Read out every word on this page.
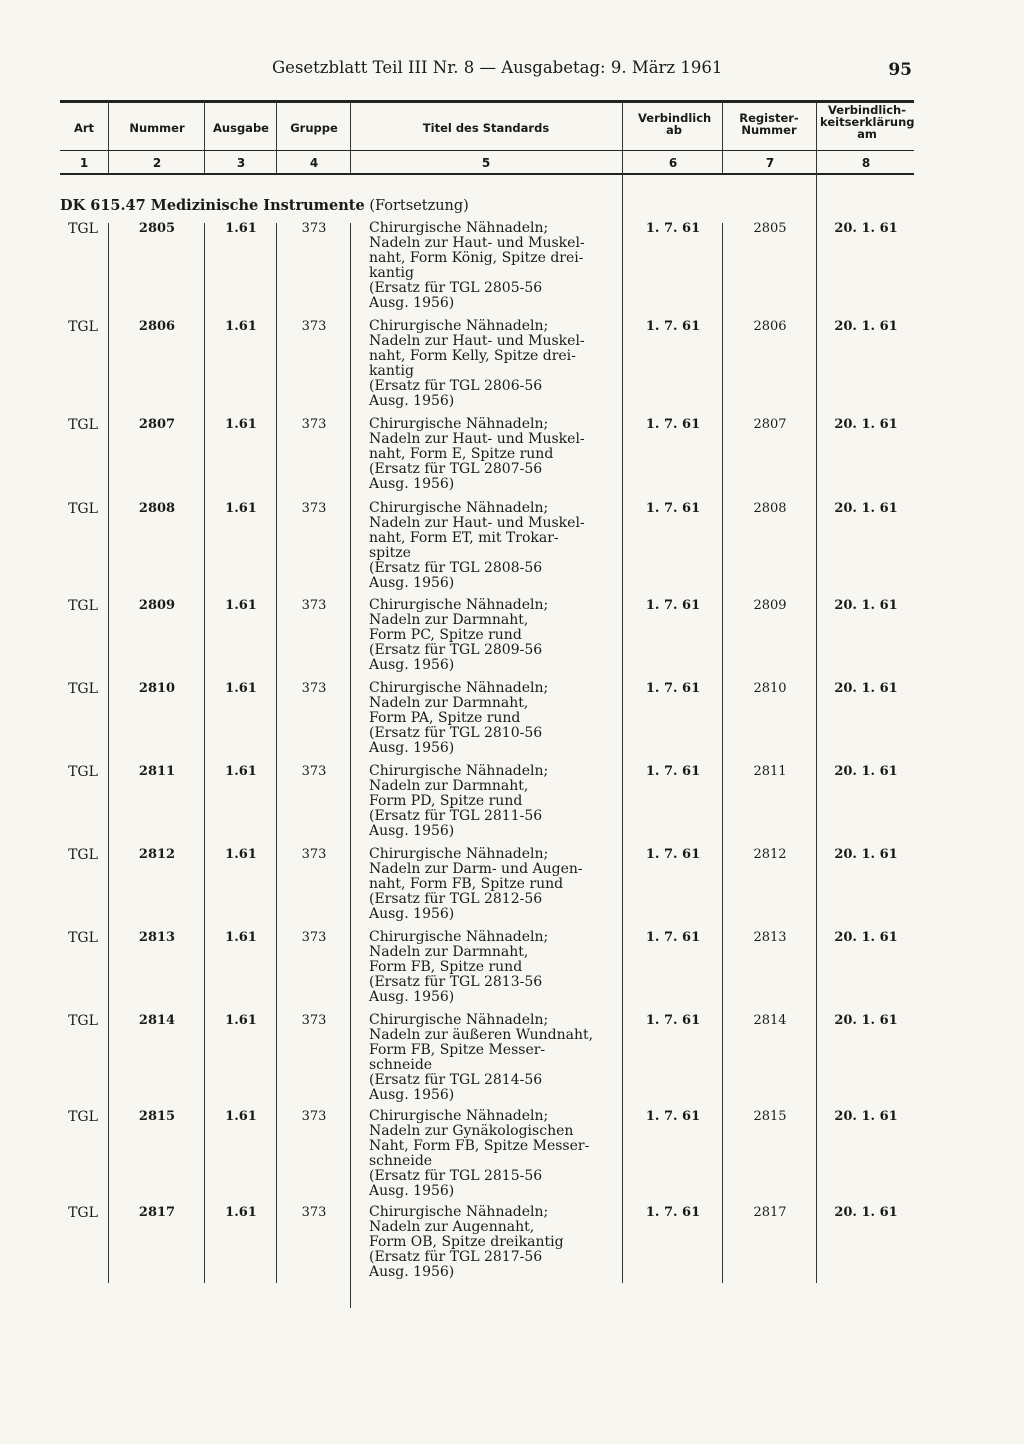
Gesetzblatt Teil III Nr. 8 — Ausgabetag: 9. März 1961	95
Art	Nummer	Ausgabe	Gruppe	Titel des Standards
Verbindlich ab
Register-Nummer
Verbindlich-keitserklärung am
1	2	3	4	5	6	7	8
DK 615.47 Medizinische Instrumente (Fortsetzung)
TGL	2805	1.61	373	Chirurgische Nähnadeln;
Nadeln zur Haut- und Muskel-
naht, Form König, Spitze drei-
kantig
(Ersatz für TGL 2805-56
Ausg. 1956)
1. 7. 61	2805	20. 1. 61
TGL	2806	1.61	373	Chirurgische Nähnadeln;
Nadeln zur Haut- und Muskel-
naht, Form Kelly, Spitze drei-
kantig
(Ersatz für TGL 2806-56
Ausg. 1956)
1. 7. 61	2806	20. 1. 61
TGL	2807	1.61	373	Chirurgische Nähnadeln;
Nadeln zur Haut- und Muskel-
naht, Form E, Spitze rund
(Ersatz für TGL 2807-56
Ausg. 1956)
1. 7. 61	2807	20. 1. 61
TGL	2808	1.61	373	Chirurgische Nähnadeln;
Nadeln zur Haut- und Muskel-
naht, Form ET, mit Trokar-
spitze
(Ersatz für TGL 2808-56
Ausg. 1956)
1. 7. 61	2808	20. 1. 61
TGL	2809	1.61	373	Chirurgische Nähnadeln;
Nadeln zur Darmnaht,
Form PC, Spitze rund
(Ersatz für TGL 2809-56
Ausg. 1956)
1. 7. 61	2809	20. 1. 61
TGL	2810	1.61	373	Chirurgische Nähnadeln;
Nadeln zur Darmnaht,
Form PA, Spitze rund
(Ersatz für TGL 2810-56
Ausg. 1956)
1. 7. 61	2810	20. 1. 61
TGL	2811	1.61	373	Chirurgische Nähnadeln;
Nadeln zur Darmnaht,
Form PD, Spitze rund
(Ersatz für TGL 2811-56
Ausg. 1956)
1. 7. 61	2811	20. 1. 61
TGL	2812	1.61	373	Chirurgische Nähnadeln;
Nadeln zur Darm- und Augen-
naht, Form FB, Spitze rund
(Ersatz für TGL 2812-56
Ausg. 1956)
1. 7. 61	2812	20. 1. 61
TGL	2813	1.61	373	Chirurgische Nähnadeln;
Nadeln zur Darmnaht,
Form FB, Spitze rund
(Ersatz für TGL 2813-56
Ausg. 1956)
1. 7. 61	2813	20. 1. 61
TGL	2814	1.61	373	Chirurgische Nähnadeln;
Nadeln zur äußeren Wundnaht,
Form FB, Spitze Messer-
schneide
(Ersatz für TGL 2814-56
Ausg. 1956)
1. 7. 61	2814	20. 1. 61
TGL	2815	1.61	373	Chirurgische Nähnadeln;
Nadeln zur Gynäkologischen
Naht, Form FB, Spitze Messer-
schneide
(Ersatz für TGL 2815-56
Ausg. 1956)
1. 7. 61	2815	20. 1. 61
TGL	2817	1.61	373	Chirurgische Nähnadeln;
Nadeln zur Augennaht,
Form OB, Spitze dreikantig
(Ersatz für TGL 2817-56
Ausg. 1956)
1. 7. 61	2817	20. 1. 61
